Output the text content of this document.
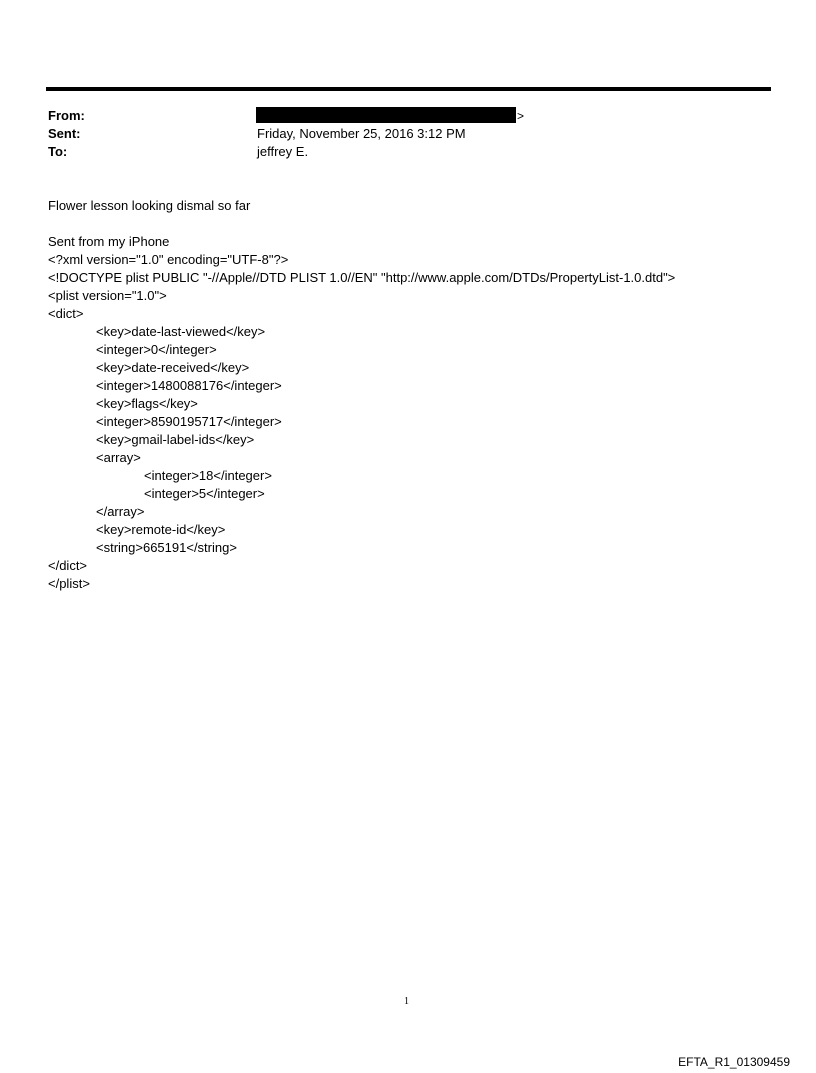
From:	>
Sent:	Friday, November 25, 2016 3:12 PM
To:	jeffrey E.
Flower lesson looking dismal so far
Sent from my iPhone
<?xml version="1.0" encoding="UTF-8"?>
<!DOCTYPE plist PUBLIC "-//Apple//DTD PLIST 1.0//EN" "http://www.apple.com/DTDs/PropertyList-1.0.dtd">
<plist version="1.0">
<dict>
<key>date-last-viewed</key>
<integer>0</integer>
<key>date-received</key>
<integer>1480088176</integer>
<key>flags</key>
<integer>8590195717</integer>
<key>gmail-label-ids</key>
<array>
<integer>18</integer>
<integer>5</integer>
</array>
<key>remote-id</key>
<string>665191</string>
</dict>
</plist>
1
EFTA_R1_01309459
